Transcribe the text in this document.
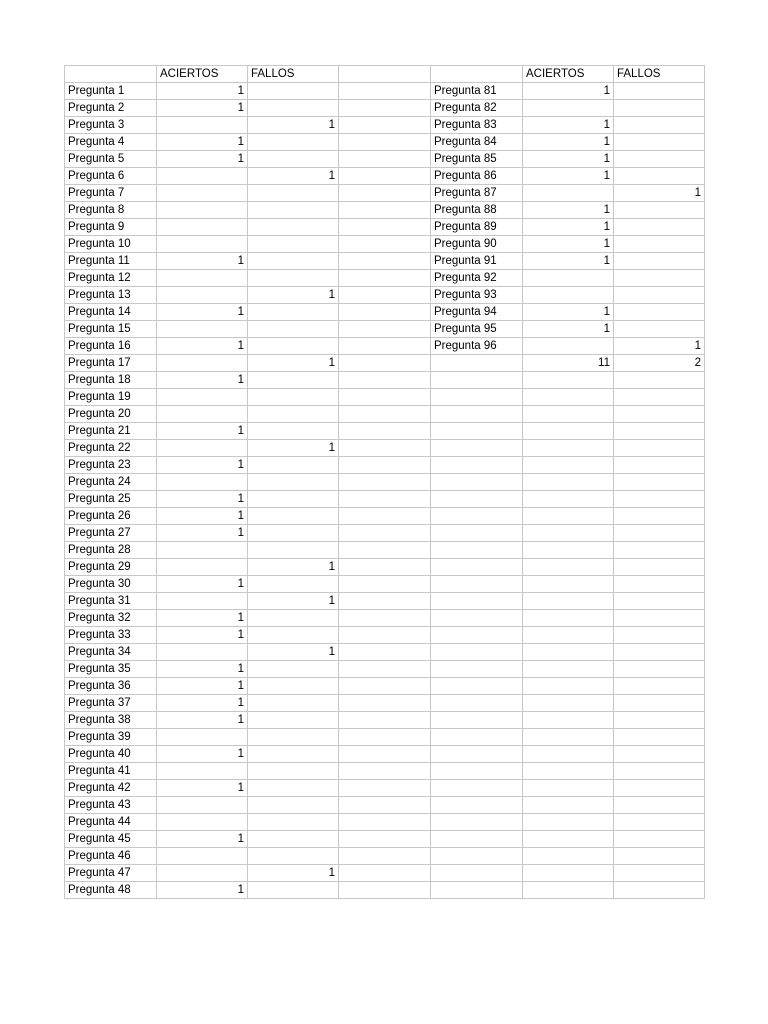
	ACIERTOS	FALLOS			ACIERTOS	FALLOS
Pregunta 1	1			Pregunta 81	1	
Pregunta 2	1			Pregunta 82		
Pregunta 3		1		Pregunta 83	1	
Pregunta 4	1			Pregunta 84	1	
Pregunta 5	1			Pregunta 85	1	
Pregunta 6		1		Pregunta 86	1	
Pregunta 7				Pregunta 87		1
Pregunta 8				Pregunta 88	1	
Pregunta 9				Pregunta 89	1	
Pregunta 10				Pregunta 90	1	
Pregunta 11	1			Pregunta 91	1	
Pregunta 12				Pregunta 92		
Pregunta 13		1		Pregunta 93		
Pregunta 14	1			Pregunta 94	1	
Pregunta 15				Pregunta 95	1	
Pregunta 16	1			Pregunta 96		1
Pregunta 17		1			11	2
Pregunta 18	1					
Pregunta 19						
Pregunta 20						
Pregunta 21	1					
Pregunta 22		1				
Pregunta 23	1					
Pregunta 24						
Pregunta 25	1					
Pregunta 26	1					
Pregunta 27	1					
Pregunta 28						
Pregunta 29		1				
Pregunta 30	1					
Pregunta 31		1				
Pregunta 32	1					
Pregunta 33	1					
Pregunta 34		1				
Pregunta 35	1					
Pregunta 36	1					
Pregunta 37	1					
Pregunta 38	1					
Pregunta 39						
Pregunta 40	1					
Pregunta 41						
Pregunta 42	1					
Pregunta 43						
Pregunta 44						
Pregunta 45	1					
Pregunta 46						
Pregunta 47		1				
Pregunta 48	1					
